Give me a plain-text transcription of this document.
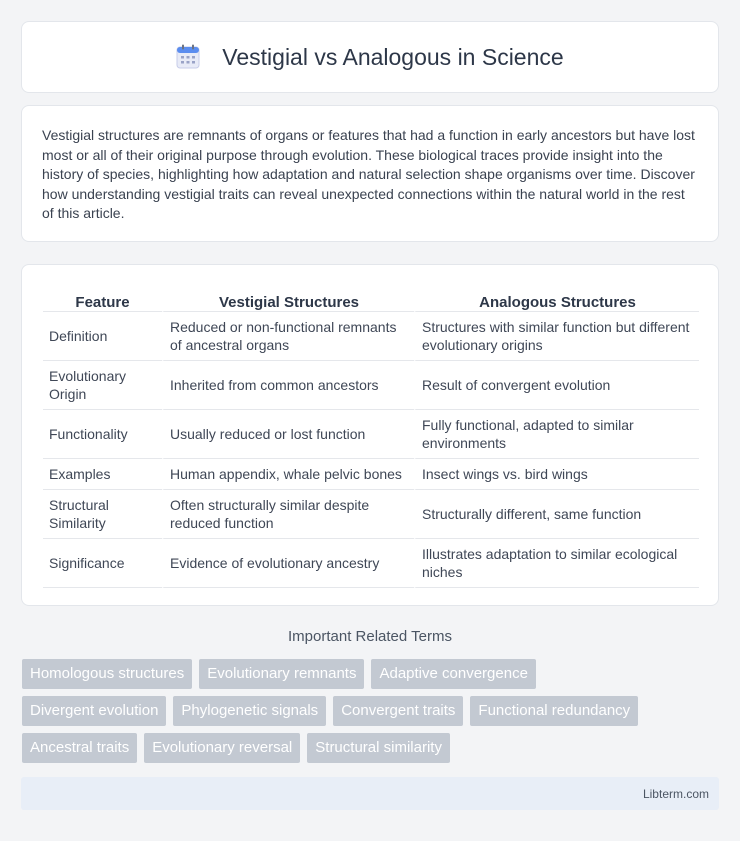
Vestigial vs Analogous in Science

Vestigial structures are remnants of organs or features that had a function in early ancestors but have lost most or all of their original purpose through evolution. These biological traces provide insight into the history of species, highlighting how adaptation and natural selection shape organisms over time. Discover how understanding vestigial traits can reveal unexpected connections within the natural world in the rest of this article.

Feature	Vestigial Structures	Analogous Structures
Definition	Reduced or non-functional remnants of ancestral organs	Structures with similar function but different evolutionary origins
Evolutionary Origin	Inherited from common ancestors	Result of convergent evolution
Functionality	Usually reduced or lost function	Fully functional, adapted to similar environments
Examples	Human appendix, whale pelvic bones	Insect wings vs. bird wings
Structural Similarity	Often structurally similar despite reduced function	Structurally different, same function
Significance	Evidence of evolutionary ancestry	Illustrates adaptation to similar ecological niches
Important Related Terms
Homologous structures	Evolutionary remnants	Adaptive convergence
Divergent evolution	Phylogenetic signals	Convergent traits	Functional redundancy
Ancestral traits	Evolutionary reversal	Structural similarity
Libterm.com
